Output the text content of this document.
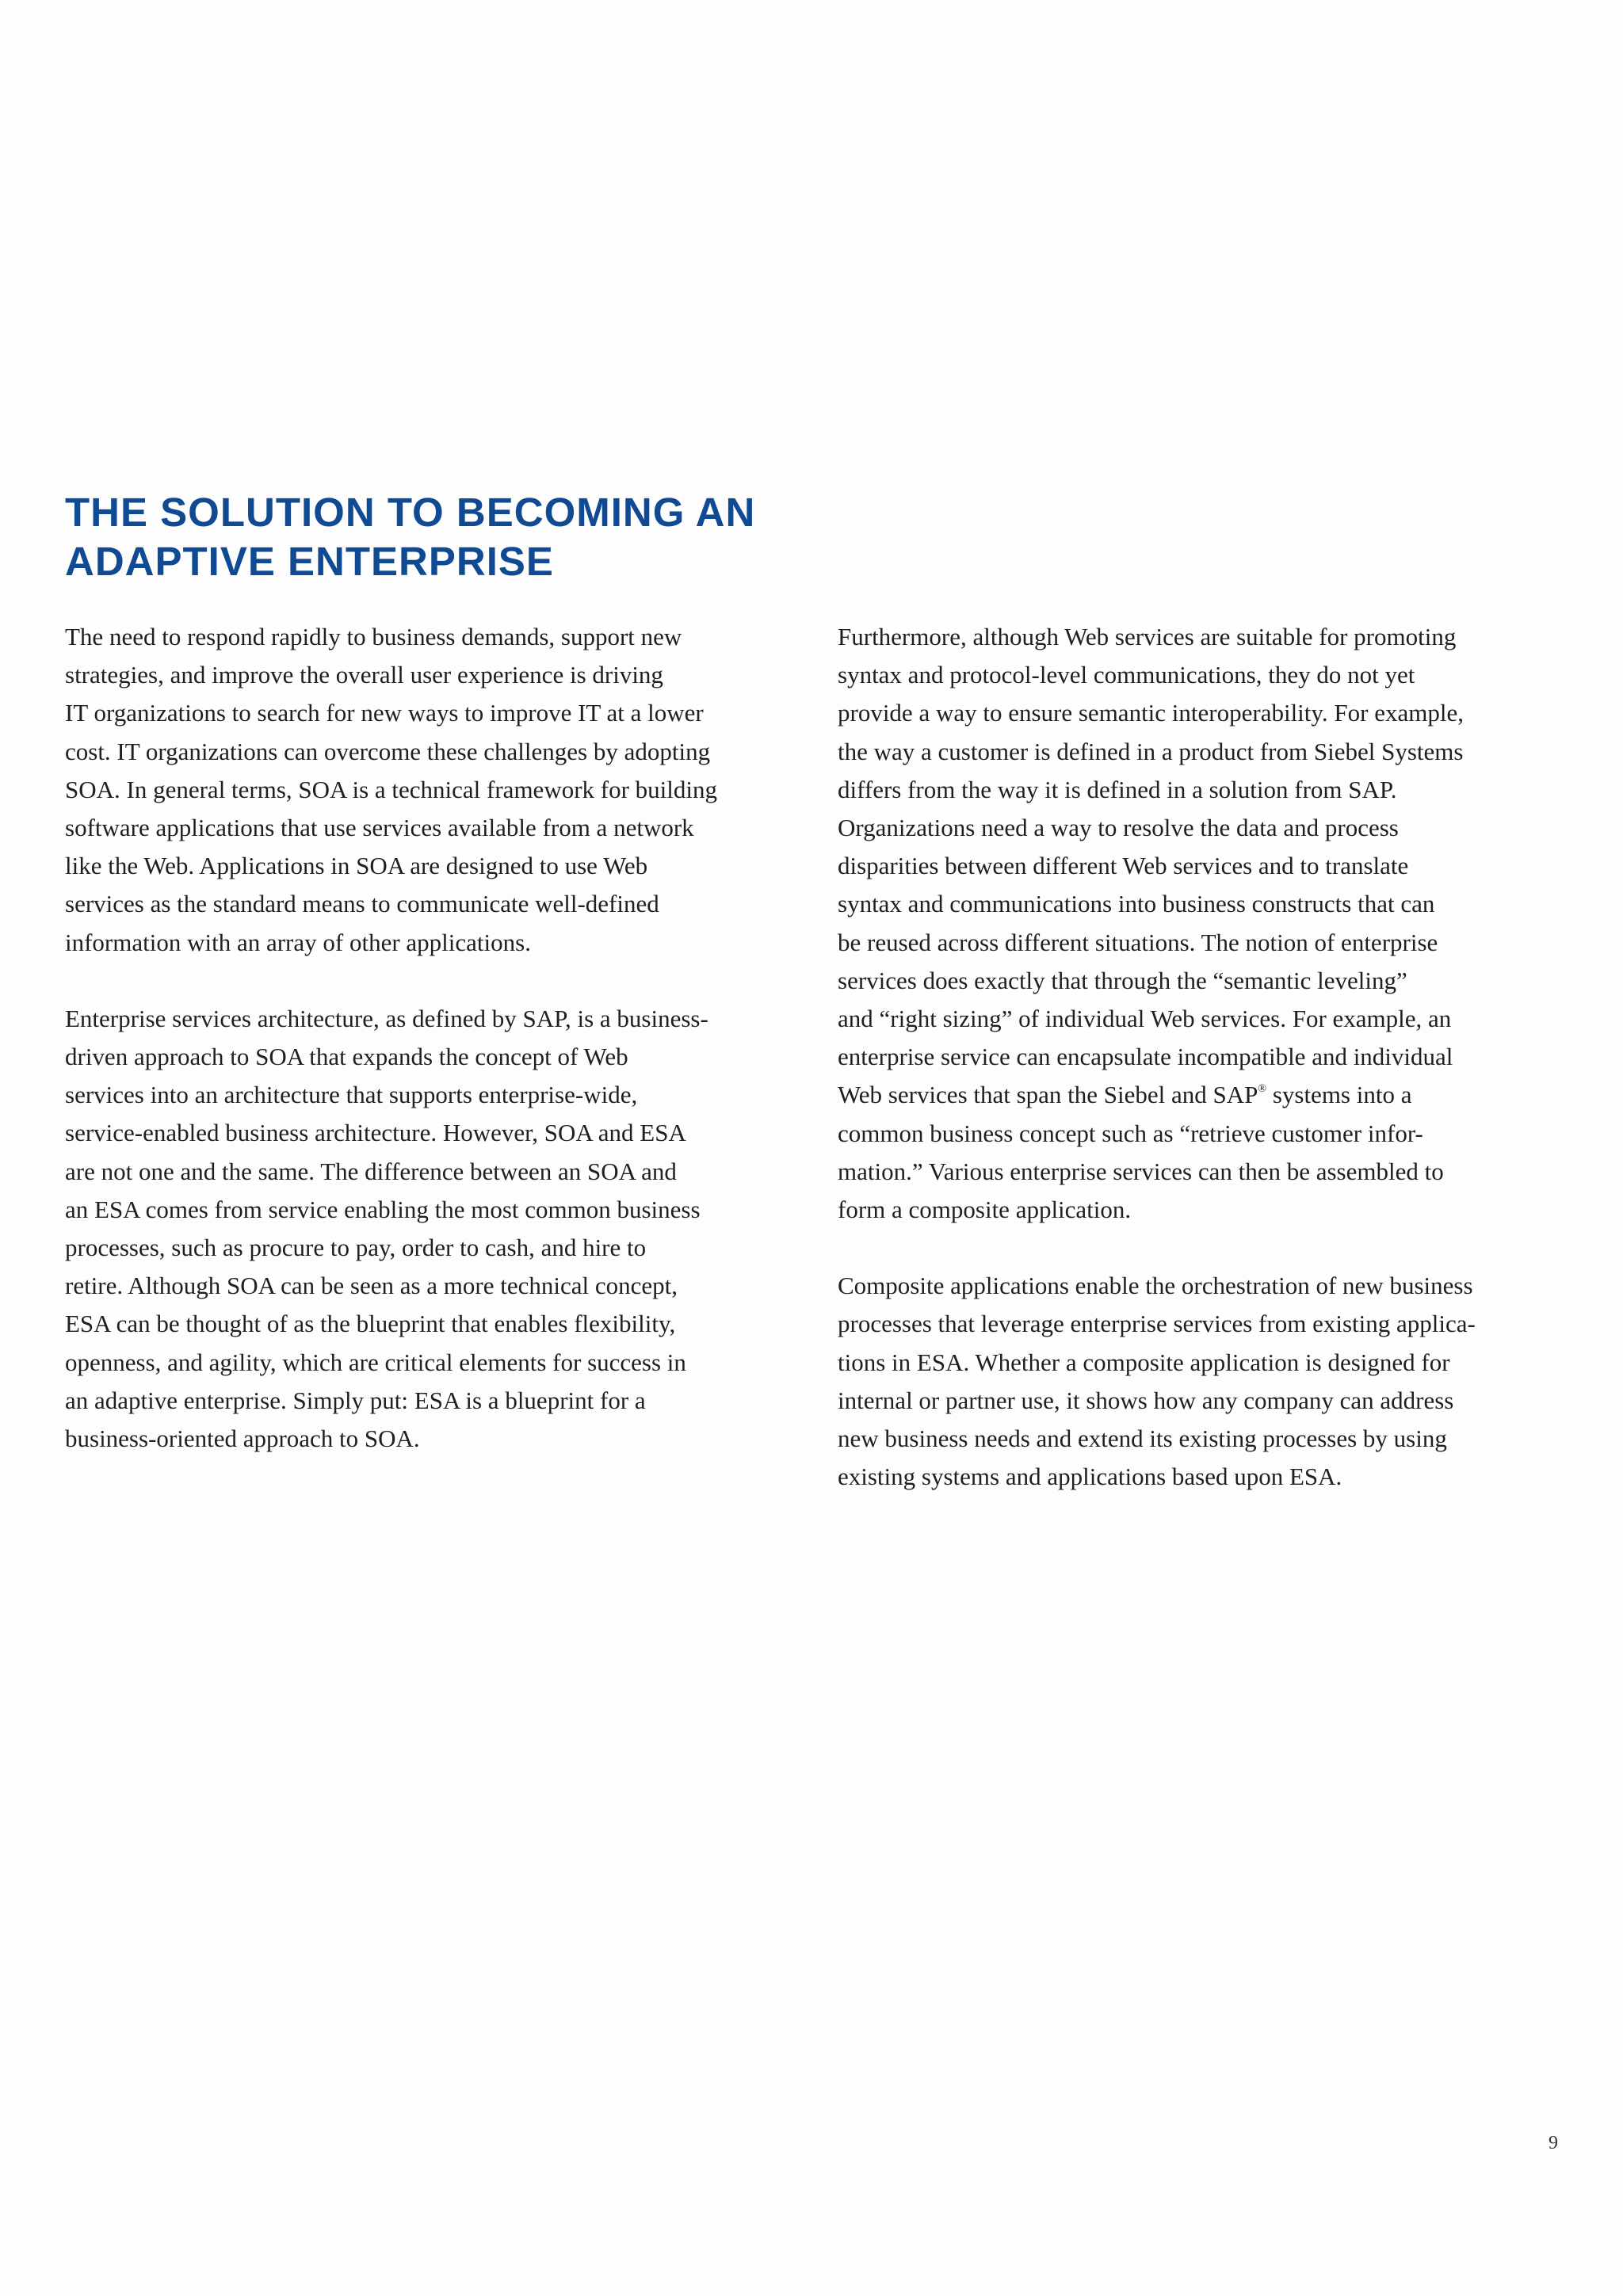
THE SOLUTION TO BECOMING AN
ADAPTIVE ENTERPRISE

The need to respond rapidly to business demands, support new
strategies, and improve the overall user experience is driving
IT organizations to search for new ways to improve IT at a lower
cost. IT organizations can overcome these challenges by adopting
SOA. In general terms, SOA is a technical framework for building
software applications that use services available from a network
like the Web. Applications in SOA are designed to use Web
services as the standard means to communicate well-defined
information with an array of other applications.

Enterprise services architecture, as defined by SAP, is a business-
driven approach to SOA that expands the concept of Web
services into an architecture that supports enterprise-wide,
service-enabled business architecture. However, SOA and ESA
are not one and the same. The difference between an SOA and
an ESA comes from service enabling the most common business
processes, such as procure to pay, order to cash, and hire to
retire. Although SOA can be seen as a more technical concept,
ESA can be thought of as the blueprint that enables flexibility,
openness, and agility, which are critical elements for success in
an adaptive enterprise. Simply put: ESA is a blueprint for a
business-oriented approach to SOA.

Furthermore, although Web services are suitable for promoting
syntax and protocol-level communications, they do not yet
provide a way to ensure semantic interoperability. For example,
the way a customer is defined in a product from Siebel Systems
differs from the way it is defined in a solution from SAP.
Organizations need a way to resolve the data and process
disparities between different Web services and to translate
syntax and communications into business constructs that can
be reused across different situations. The notion of enterprise
services does exactly that through the “semantic leveling”
and “right sizing” of individual Web services. For example, an
enterprise service can encapsulate incompatible and individual
Web services that span the Siebel and SAP® systems into a
common business concept such as “retrieve customer infor-
mation.” Various enterprise services can then be assembled to
form a composite application.

Composite applications enable the orchestration of new business
processes that leverage enterprise services from existing applica-
tions in ESA. Whether a composite application is designed for
internal or partner use, it shows how any company can address
new business needs and extend its existing processes by using
existing systems and applications based upon ESA.

9
